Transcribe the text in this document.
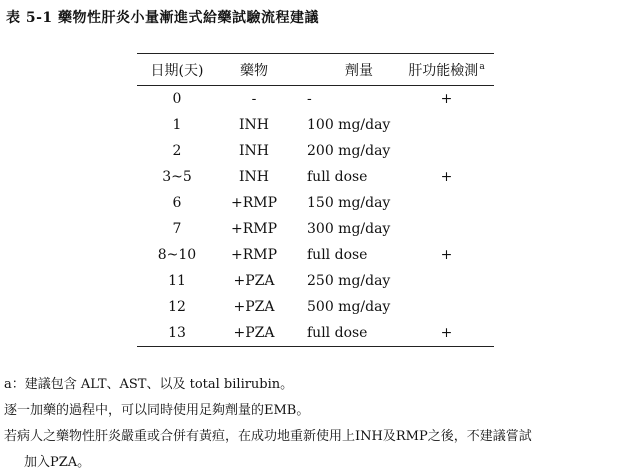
表 5-1 藥物性肝炎小量漸進式給藥試驗流程建議
日期(天)	藥物	劑量	肝功能檢測$^a$
0	-	-	+
1	INH	100 mg/day
2	INH	200 mg/day
3~5	INH	full dose	+
6	+RMP	150 mg/day
7	+RMP	300 mg/day
8~10	+RMP	full dose	+
11	+PZA	250 mg/day
12	+PZA	500 mg/day
13	+PZA	full dose	+
a：建議包含 ALT、AST、以及 total bilirubin。
逐一加藥的過程中，可以同時使用足夠劑量的EMB。
若病人之藥物性肝炎嚴重或合併有黃疸，在成功地重新使用上INH及RMP之後，不建議嘗試
加入PZA。
